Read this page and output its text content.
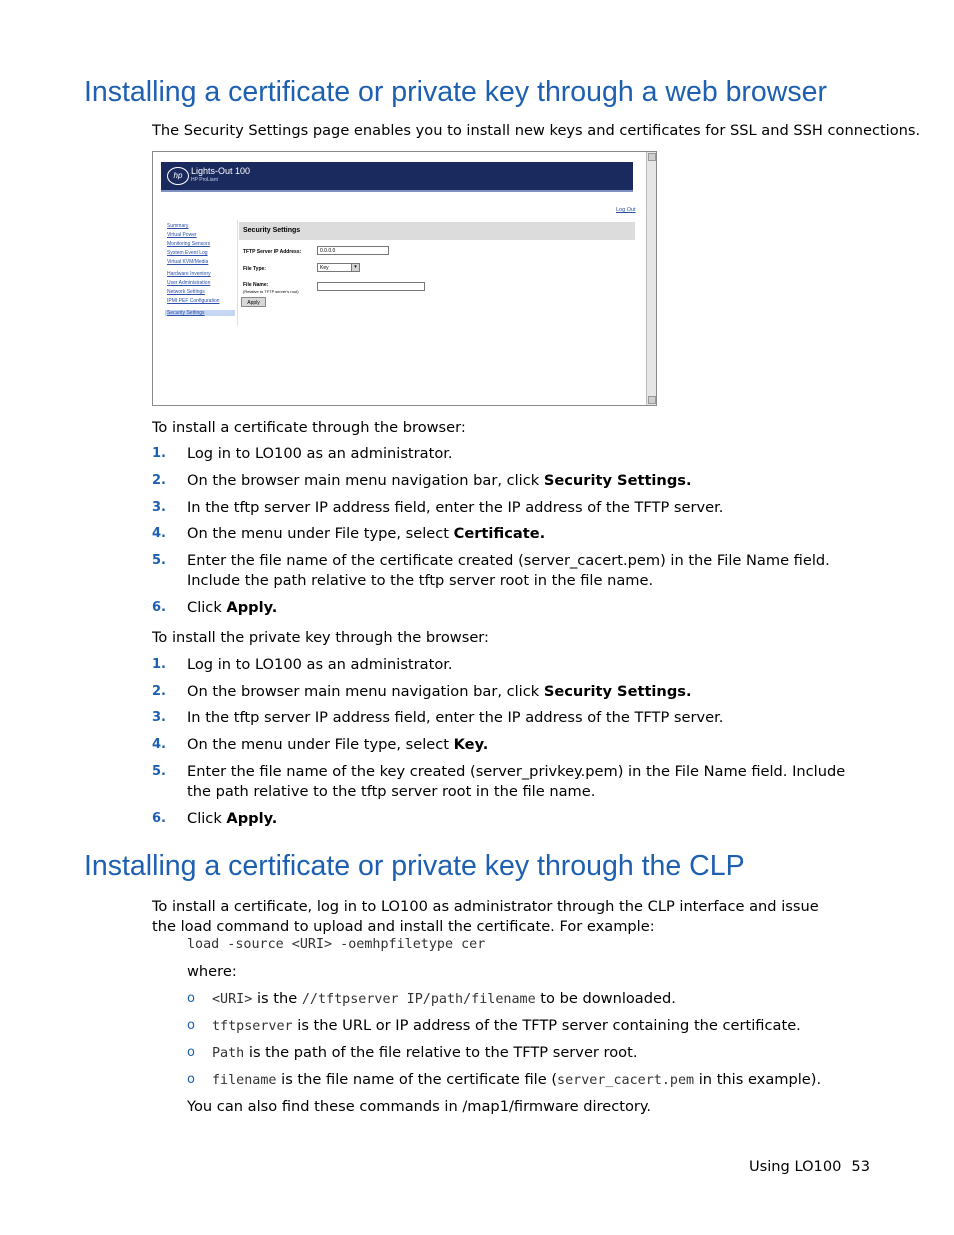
Installing a certificate or private key through a web browser

The Security Settings page enables you to install new keys and certificates for SSL and SSH connections.

hp Lights-Out 100
HP ProLiant
Log Out
Summary
Virtual Power
Monitoring Sensors
System Event Log
Virtual KVM/Media
Hardware Inventory
User Administration
Network Settings
IPMI PEF Configuration
Security Settings
Security Settings
TFTP Server IP Address:	0.0.0.0
File Type:	Key	▾
File Name:
(Relative to TFTP server's root)
Apply

To install a certificate through the browser:

1. Log in to LO100 as an administrator.
2. On the browser main menu navigation bar, click Security Settings.
3. In the tftp server IP address field, enter the IP address of the TFTP server.
4. On the menu under File type, select Certificate.
5. Enter the file name of the certificate created (server_cacert.pem) in the File Name field. Include the path relative to the tftp server root in the file name.
6. Click Apply.

To install the private key through the browser:

1. Log in to LO100 as an administrator.
2. On the browser main menu navigation bar, click Security Settings.
3. In the tftp server IP address field, enter the IP address of the TFTP server.
4. On the menu under File type, select Key.
5. Enter the file name of the key created (server_privkey.pem) in the File Name field. Include the path relative to the tftp server root in the file name.
6. Click Apply.
Installing a certificate or private key through the CLP

To install a certificate, log in to LO100 as administrator through the CLP interface and issue the load command to upload and install the certificate. For example:

load -source <URI> -oemhpfiletype cer

where:

o <URI> is the //tftpserver IP/path/filename to be downloaded.
o tftpserver is the URL or IP address of the TFTP server containing the certificate.
o Path is the path of the file relative to the TFTP server root.
o filename is the file name of the certificate file (server_cacert.pem in this example).

You can also find these commands in /map1/firmware directory.

Using LO100 53
